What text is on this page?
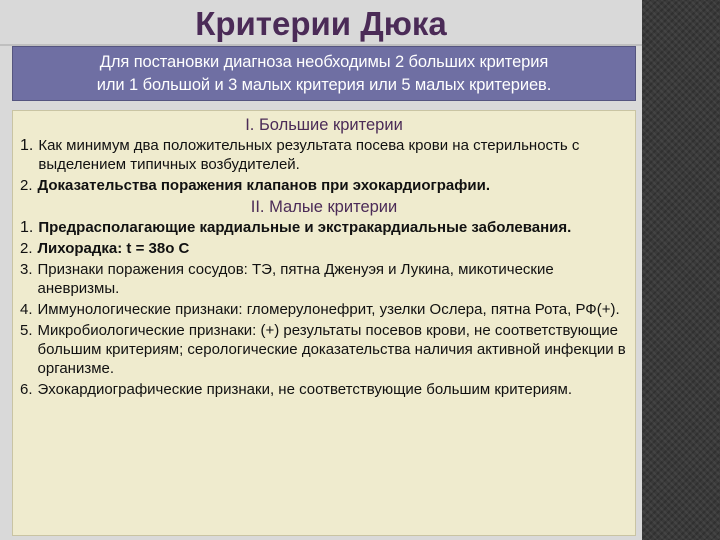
Критерии Дюка
Для постановки диагноза необходимы 2 больших критерия
или 1 большой и 3 малых критерия или 5 малых критериев.
I. Большие критерии
1. Как минимум два положительных результата посева крови на стерильность с выделением типичных возбудителей.
2. Доказательства поражения клапанов при эхокардиографии.
II. Малые критерии
1. Предрасполагающие кардиальные и экстракардиальные заболевания.
2. Лихорадка: t = 38о С
3. Признаки поражения сосудов: ТЭ, пятна Дженуэя и Лукина, микотические аневризмы.
4. Иммунологические признаки: гломерулонефрит, узелки Ослера, пятна Рота, РФ(+).
5. Микробиологические признаки: (+) результаты посевов крови, не соответствующие большим критериям; серологические доказательства наличия активной инфекции в организме.
6. Эхокардиографические признаки, не соответствующие большим критериям.
